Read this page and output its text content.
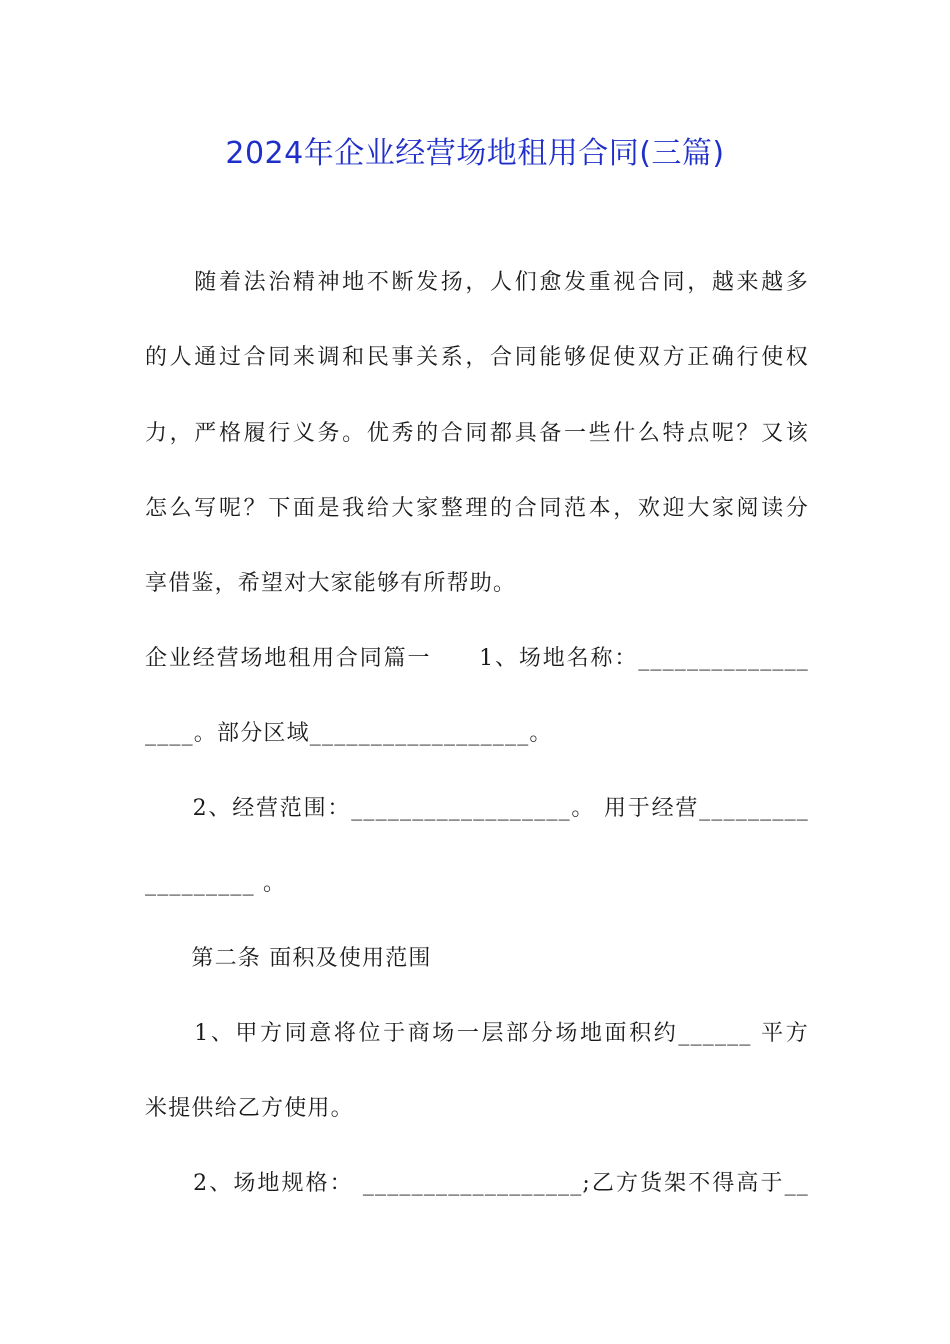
2024年企业经营场地租用合同(三篇)
　　随着法治精神地不断发扬，人们愈发重视合同，越来越多
的人通过合同来调和民事关系，合同能够促使双方正确行使权
力，严格履行义务。优秀的合同都具备一些什么特点呢？又该
怎么写呢？下面是我给大家整理的合同范本，欢迎大家阅读分
享借鉴，希望对大家能够有所帮助。
企业经营场地租用合同篇一　　1、场地名称：______________
____。部分区域__________________。
　　2、经营范围：__________________。 用于经营_________
_________ 。
　　第二条 面积及使用范围
　　1、甲方同意将位于商场一层部分场地面积约______ 平方
米提供给乙方使用。
　　2、场地规格： __________________;乙方货架不得高于__
